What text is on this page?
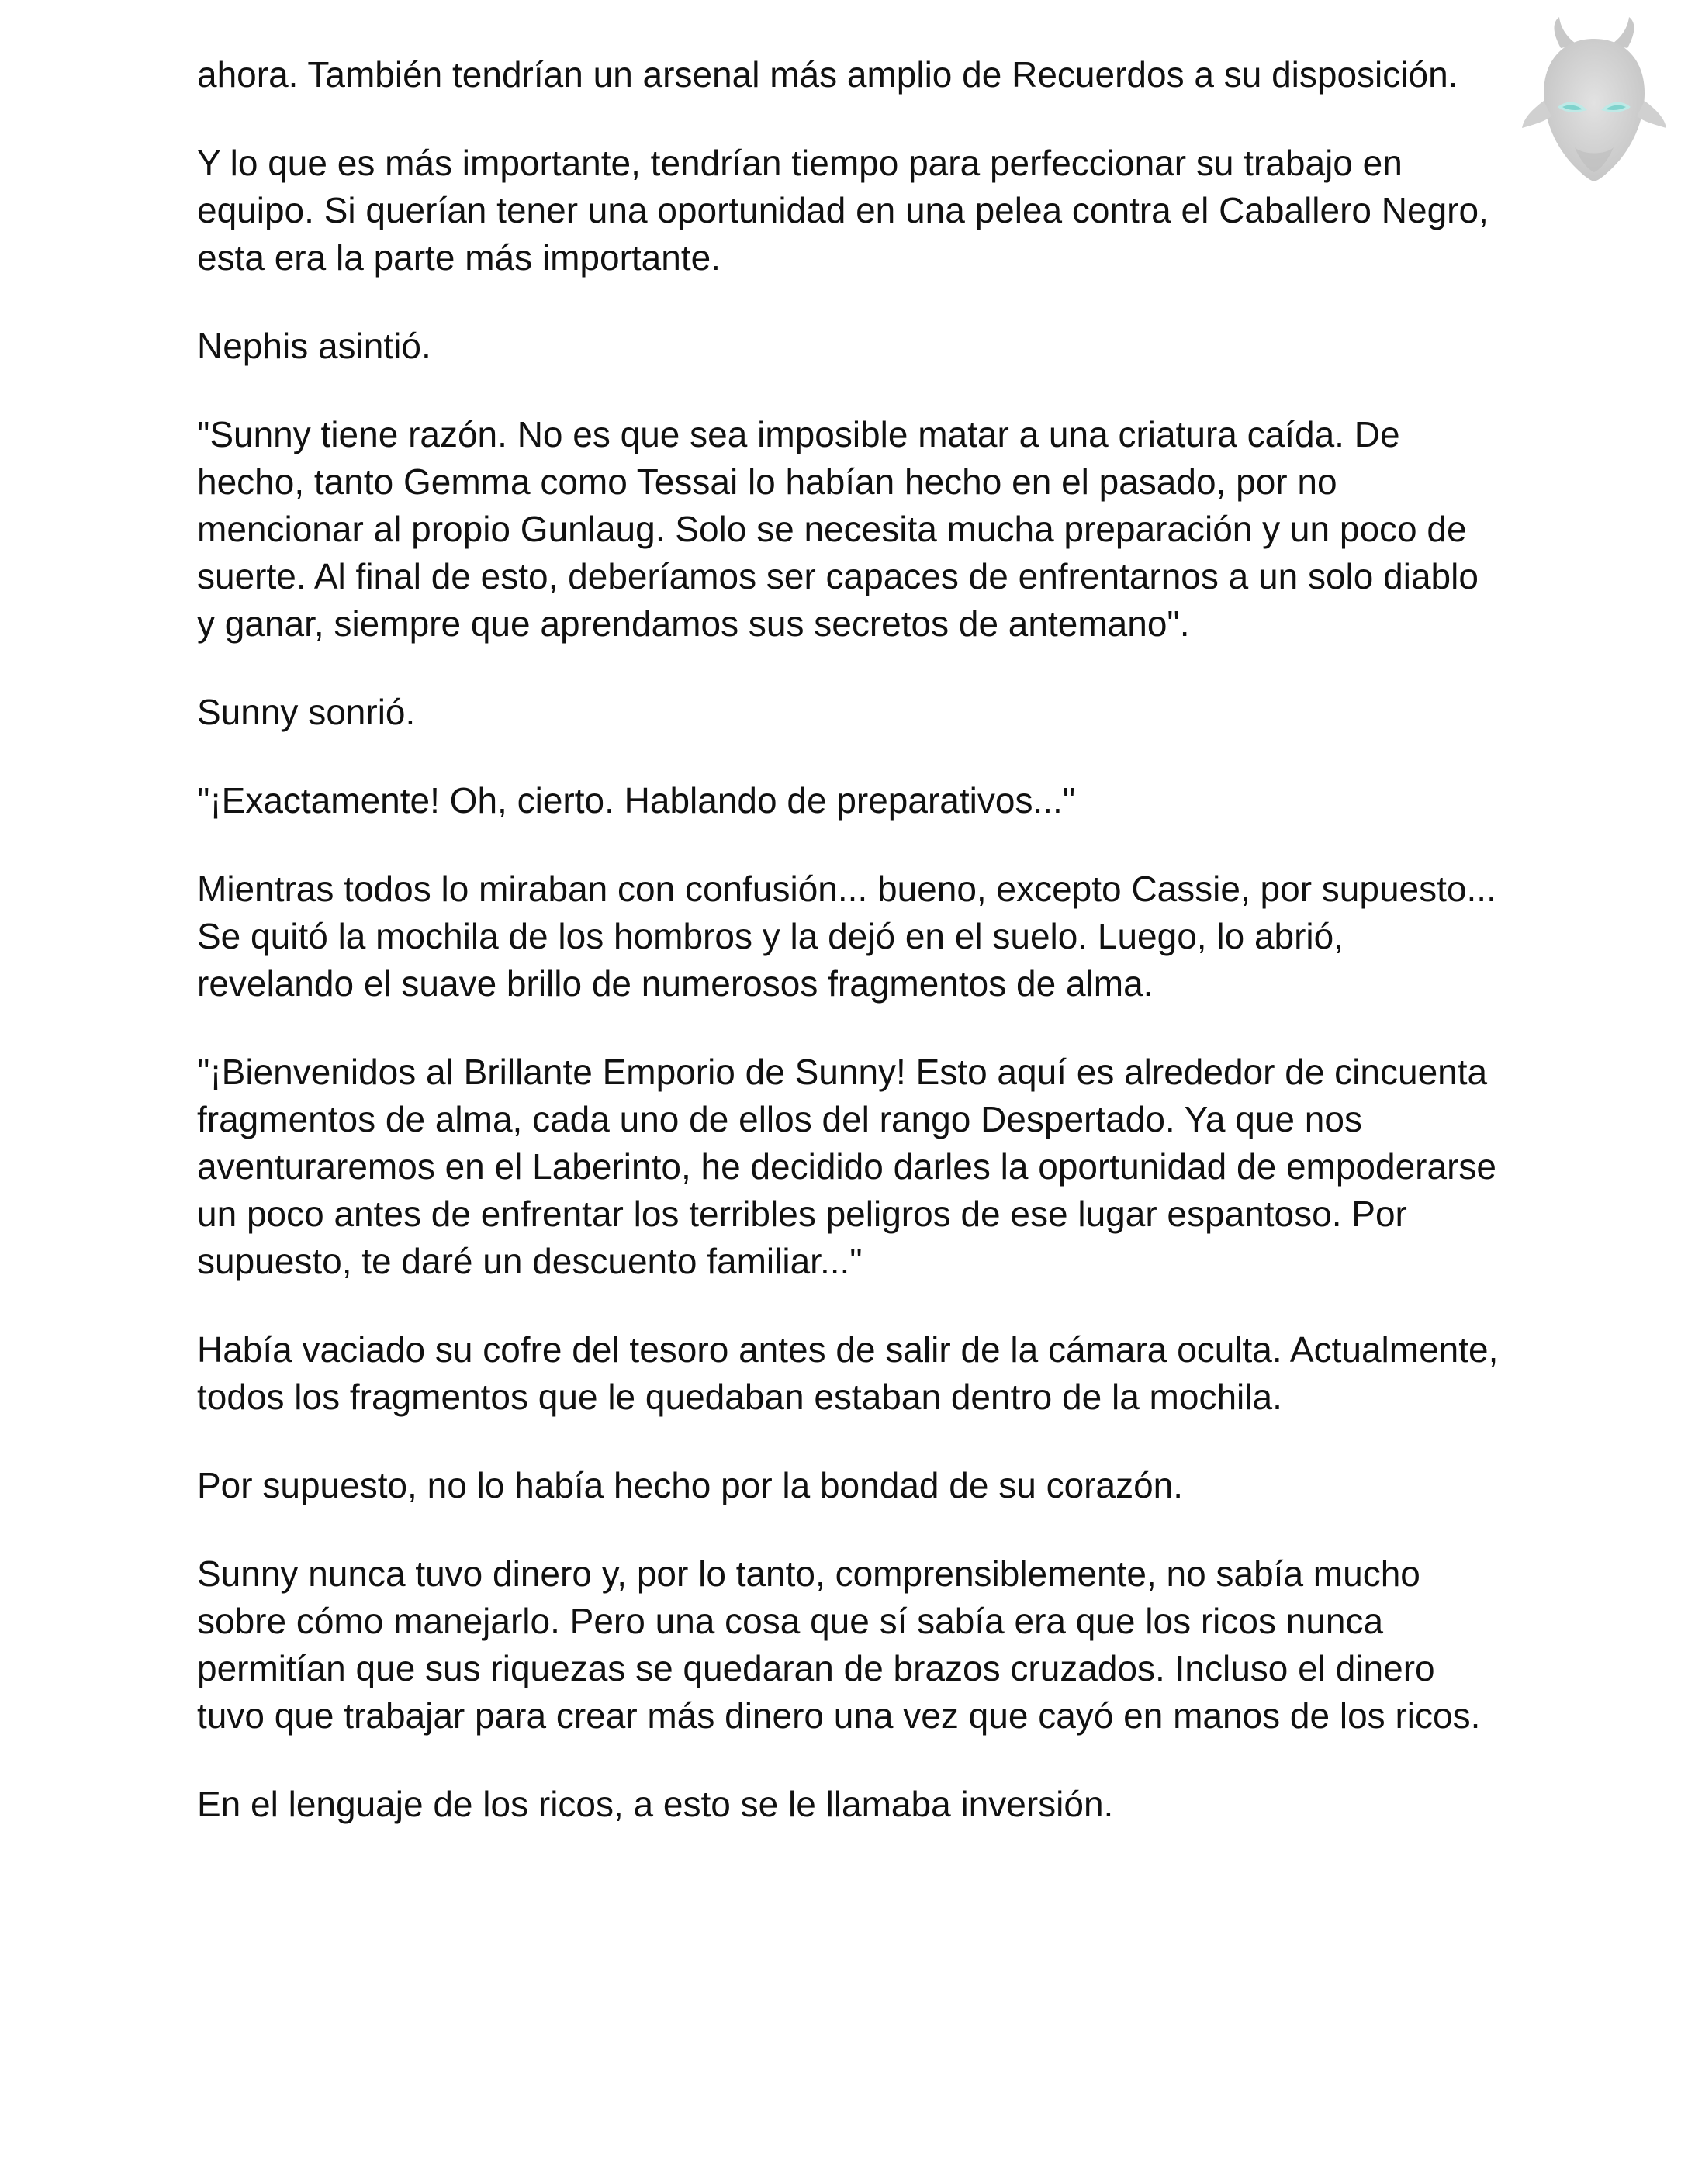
ahora. También tendrían un arsenal más amplio de Recuerdos a su disposición.

Y lo que es más importante, tendrían tiempo para perfeccionar su trabajo en equipo. Si querían tener una oportunidad en una pelea contra el Caballero Negro, esta era la parte más importante.

Nephis asintió.

"Sunny tiene razón. No es que sea imposible matar a una criatura caída. De hecho, tanto Gemma como Tessai lo habían hecho en el pasado, por no mencionar al propio Gunlaug. Solo se necesita mucha preparación y un poco de suerte. Al final de esto, deberíamos ser capaces de enfrentarnos a un solo diablo y ganar, siempre que aprendamos sus secretos de antemano".

Sunny sonrió.

"¡Exactamente! Oh, cierto. Hablando de preparativos..."

Mientras todos lo miraban con confusión... bueno, excepto Cassie, por supuesto... Se quitó la mochila de los hombros y la dejó en el suelo. Luego, lo abrió, revelando el suave brillo de numerosos fragmentos de alma.

"¡Bienvenidos al Brillante Emporio de Sunny! Esto aquí es alrededor de cincuenta fragmentos de alma, cada uno de ellos del rango Despertado. Ya que nos aventuraremos en el Laberinto, he decidido darles la oportunidad de empoderarse un poco antes de enfrentar los terribles peligros de ese lugar espantoso. Por supuesto, te daré un descuento familiar..."

Había vaciado su cofre del tesoro antes de salir de la cámara oculta. Actualmente, todos los fragmentos que le quedaban estaban dentro de la mochila.

Por supuesto, no lo había hecho por la bondad de su corazón.

Sunny nunca tuvo dinero y, por lo tanto, comprensiblemente, no sabía mucho sobre cómo manejarlo. Pero una cosa que sí sabía era que los ricos nunca permitían que sus riquezas se quedaran de brazos cruzados. Incluso el dinero tuvo que trabajar para crear más dinero una vez que cayó en manos de los ricos.

En el lenguaje de los ricos, a esto se le llamaba inversión.
